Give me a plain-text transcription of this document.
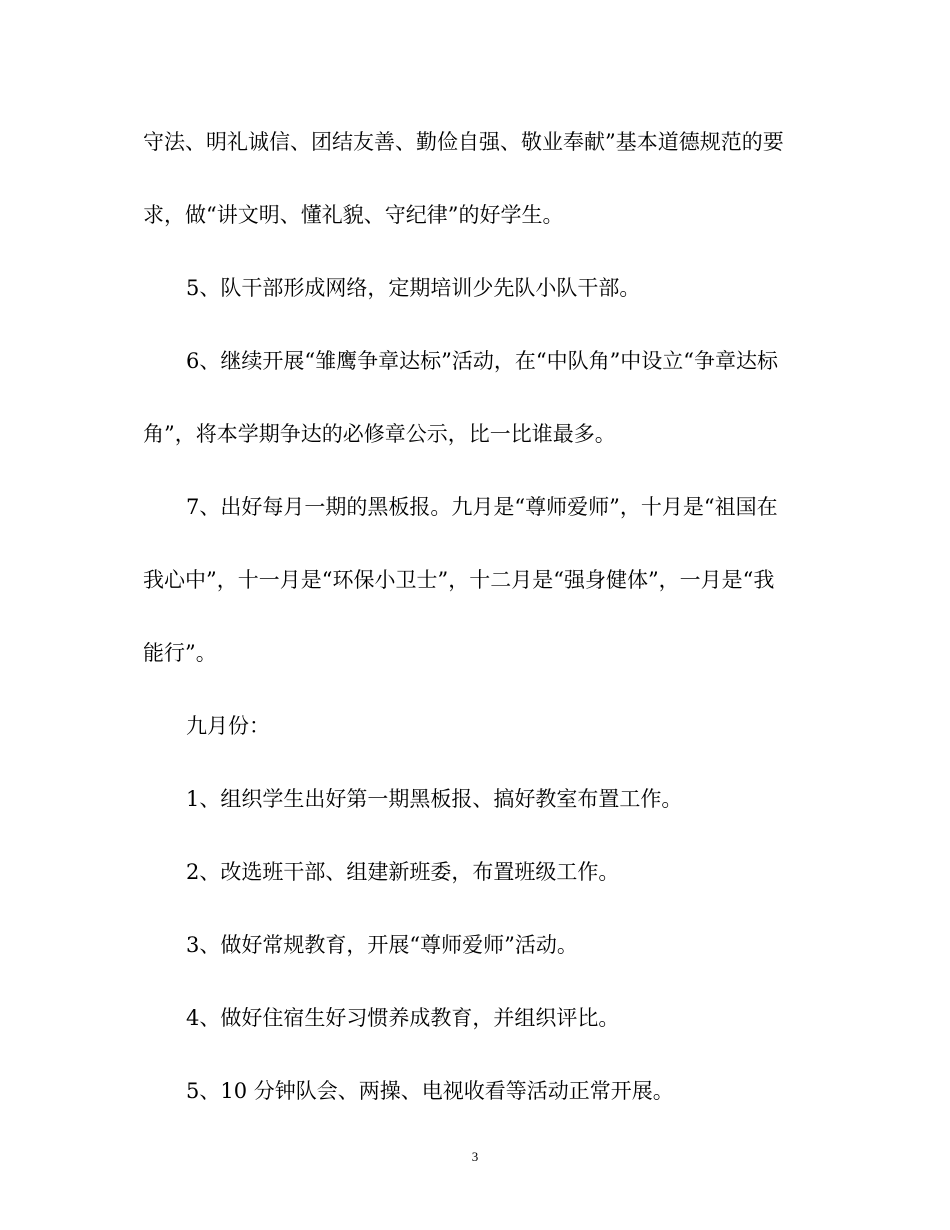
守法、明礼诚信、团结友善、勤俭自强、敬业奉献”基本道德规范的要
求，做“讲文明、懂礼貌、守纪律”的好学生。
5、队干部形成网络，定期培训少先队小队干部。
6、继续开展“雏鹰争章达标”活动，在“中队角”中设立“争章达标
角”，将本学期争达的必修章公示，比一比谁最多。
7、出好每月一期的黑板报。九月是“尊师爱师”，十月是“祖国在
我心中”，十一月是“环保小卫士”，十二月是“强身健体”，一月是“我
能行”。
九月份：
1、组织学生出好第一期黑板报、搞好教室布置工作。
2、改选班干部、组建新班委，布置班级工作。
3、做好常规教育，开展“尊师爱师”活动。
4、做好住宿生好习惯养成教育，并组织评比。
5、10 分钟队会、两操、电视收看等活动正常开展。
3
